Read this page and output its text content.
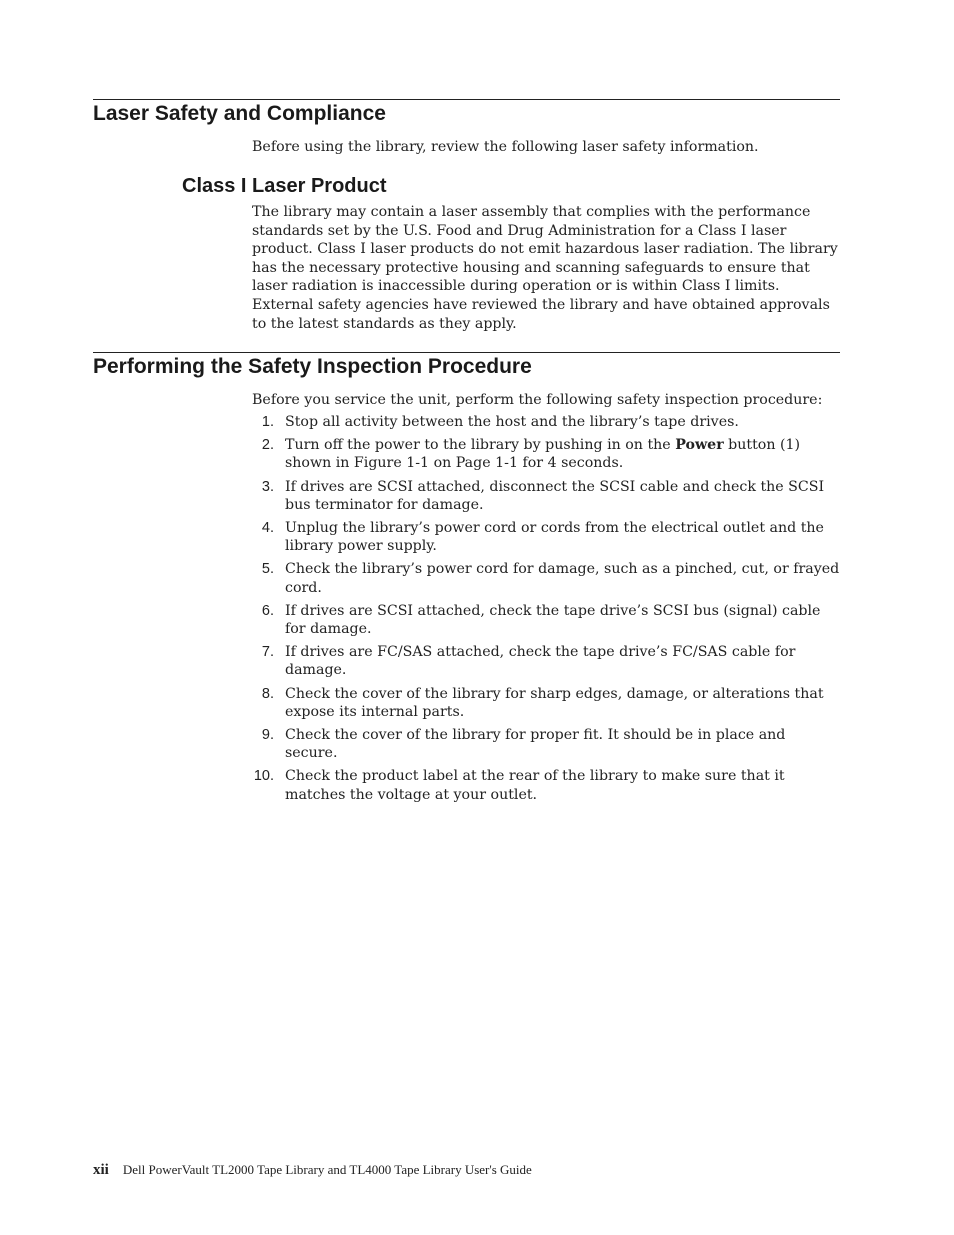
Laser Safety and Compliance

Before using the library, review the following laser safety information.

Class I Laser Product

The library may contain a laser assembly that complies with the performance standards set by the U.S. Food and Drug Administration for a Class I laser product. Class I laser products do not emit hazardous laser radiation. The library has the necessary protective housing and scanning safeguards to ensure that laser radiation is inaccessible during operation or is within Class I limits. External safety agencies have reviewed the library and have obtained approvals to the latest standards as they apply.

Performing the Safety Inspection Procedure

Before you service the unit, perform the following safety inspection procedure:

1. Stop all activity between the host and the library’s tape drives.
2. Turn off the power to the library by pushing in on the Power button (1) shown in Figure 1-1 on Page 1-1 for 4 seconds.
3. If drives are SCSI attached, disconnect the SCSI cable and check the SCSI bus terminator for damage.
4. Unplug the library’s power cord or cords from the electrical outlet and the library power supply.
5. Check the library’s power cord for damage, such as a pinched, cut, or frayed cord.
6. If drives are SCSI attached, check the tape drive’s SCSI bus (signal) cable for damage.
7. If drives are FC/SAS attached, check the tape drive’s FC/SAS cable for damage.
8. Check the cover of the library for sharp edges, damage, or alterations that expose its internal parts.
9. Check the cover of the library for proper fit. It should be in place and secure.
10. Check the product label at the rear of the library to make sure that it matches the voltage at your outlet.
xii Dell PowerVault TL2000 Tape Library and TL4000 Tape Library User's Guide
